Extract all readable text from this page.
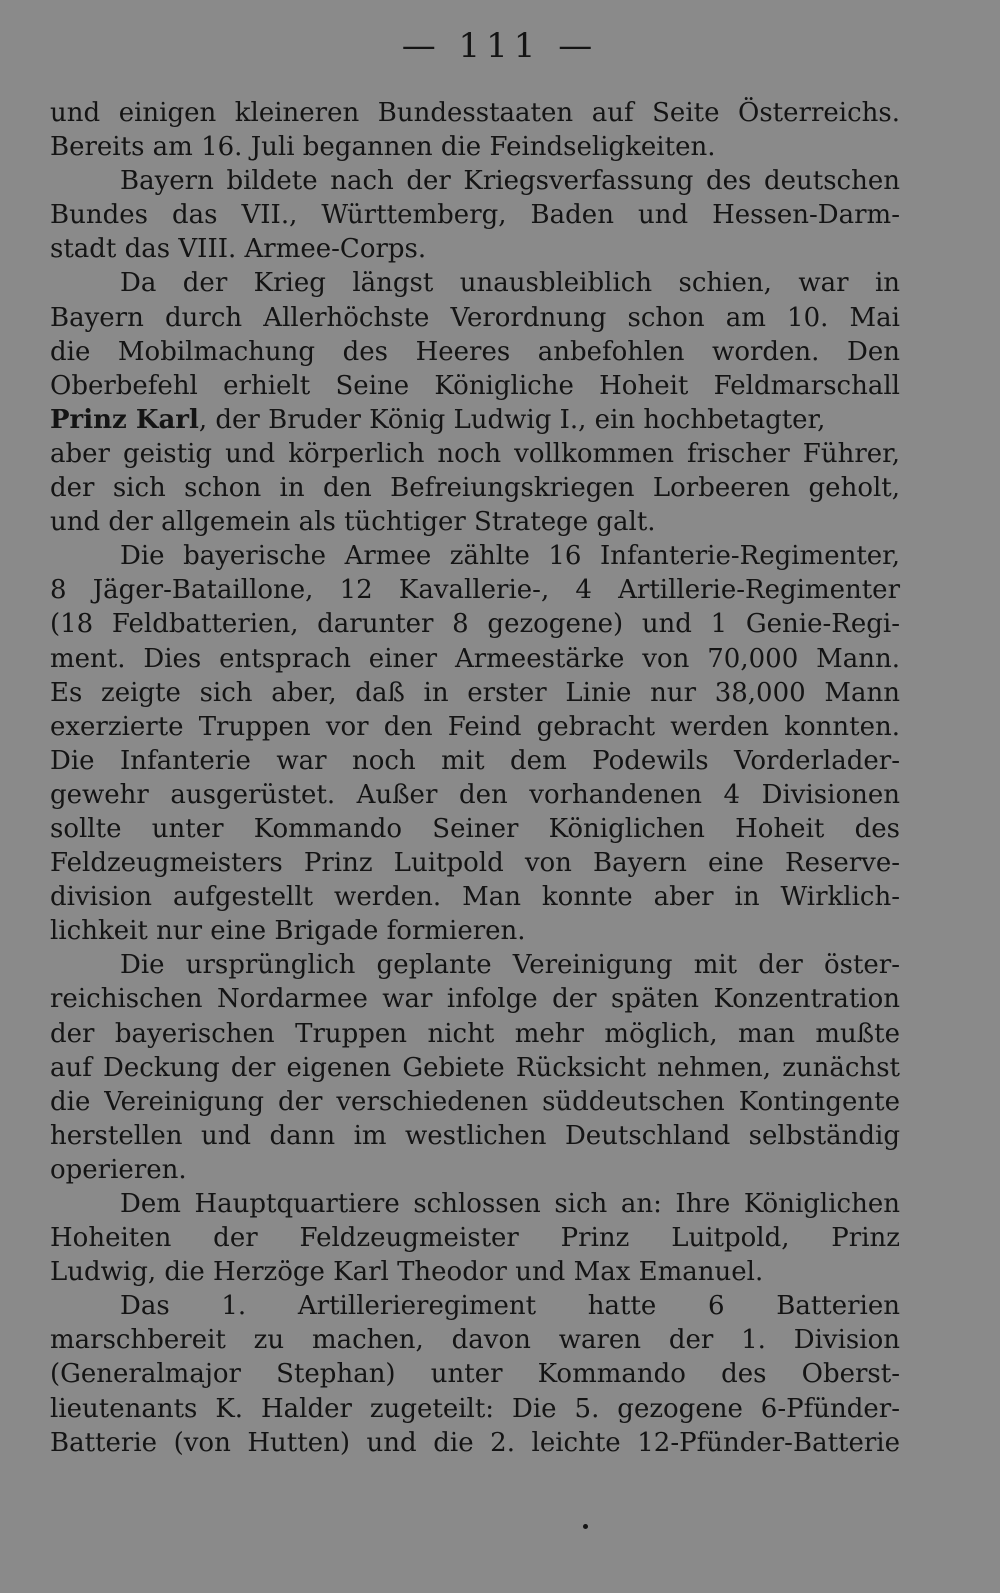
— 111 —
und einigen kleineren Bundesstaaten auf Seite Österreichs.
Bereits am 16. Juli begannen die Feindseligkeiten.
Bayern bildete nach der Kriegsverfassung des deutschen
Bundes das VII., Württemberg, Baden und Hessen-Darm-
stadt das VIII. Armee-Corps.
Da der Krieg längst unausbleiblich schien, war in
Bayern durch Allerhöchste Verordnung schon am 10. Mai
die Mobilmachung des Heeres anbefohlen worden. Den
Oberbefehl erhielt Seine Königliche Hoheit Feldmarschall
Prinz Karl, der Bruder König Ludwig I., ein hochbetagter,
aber geistig und körperlich noch vollkommen frischer Führer,
der sich schon in den Befreiungskriegen Lorbeeren geholt,
und der allgemein als tüchtiger Stratege galt.
Die bayerische Armee zählte 16 Infanterie-Regimenter,
8 Jäger-Bataillone, 12 Kavallerie-, 4 Artillerie-Regimenter
(18 Feldbatterien, darunter 8 gezogene) und 1 Genie-Regi-
ment. Dies entsprach einer Armeestärke von 70,000 Mann.
Es zeigte sich aber, daß in erster Linie nur 38,000 Mann
exerzierte Truppen vor den Feind gebracht werden konnten.
Die Infanterie war noch mit dem Podewils Vorderlader-
gewehr ausgerüstet. Außer den vorhandenen 4 Divisionen
sollte unter Kommando Seiner Königlichen Hoheit des
Feldzeugmeisters Prinz Luitpold von Bayern eine Reserve-
division aufgestellt werden. Man konnte aber in Wirklich-
lichkeit nur eine Brigade formieren.
Die ursprünglich geplante Vereinigung mit der öster-
reichischen Nordarmee war infolge der späten Konzentration
der bayerischen Truppen nicht mehr möglich, man mußte
auf Deckung der eigenen Gebiete Rücksicht nehmen, zunächst
die Vereinigung der verschiedenen süddeutschen Kontingente
herstellen und dann im westlichen Deutschland selbständig
operieren.
Dem Hauptquartiere schlossen sich an: Ihre Königlichen
Hoheiten der Feldzeugmeister Prinz Luitpold, Prinz
Ludwig, die Herzöge Karl Theodor und Max Emanuel.
Das 1. Artillerieregiment hatte 6 Batterien
marschbereit zu machen, davon waren der 1. Division
(Generalmajor Stephan) unter Kommando des Oberst-
lieutenants K. Halder zugeteilt: Die 5. gezogene 6-Pfünder-
Batterie (von Hutten) und die 2. leichte 12-Pfünder-Batterie
